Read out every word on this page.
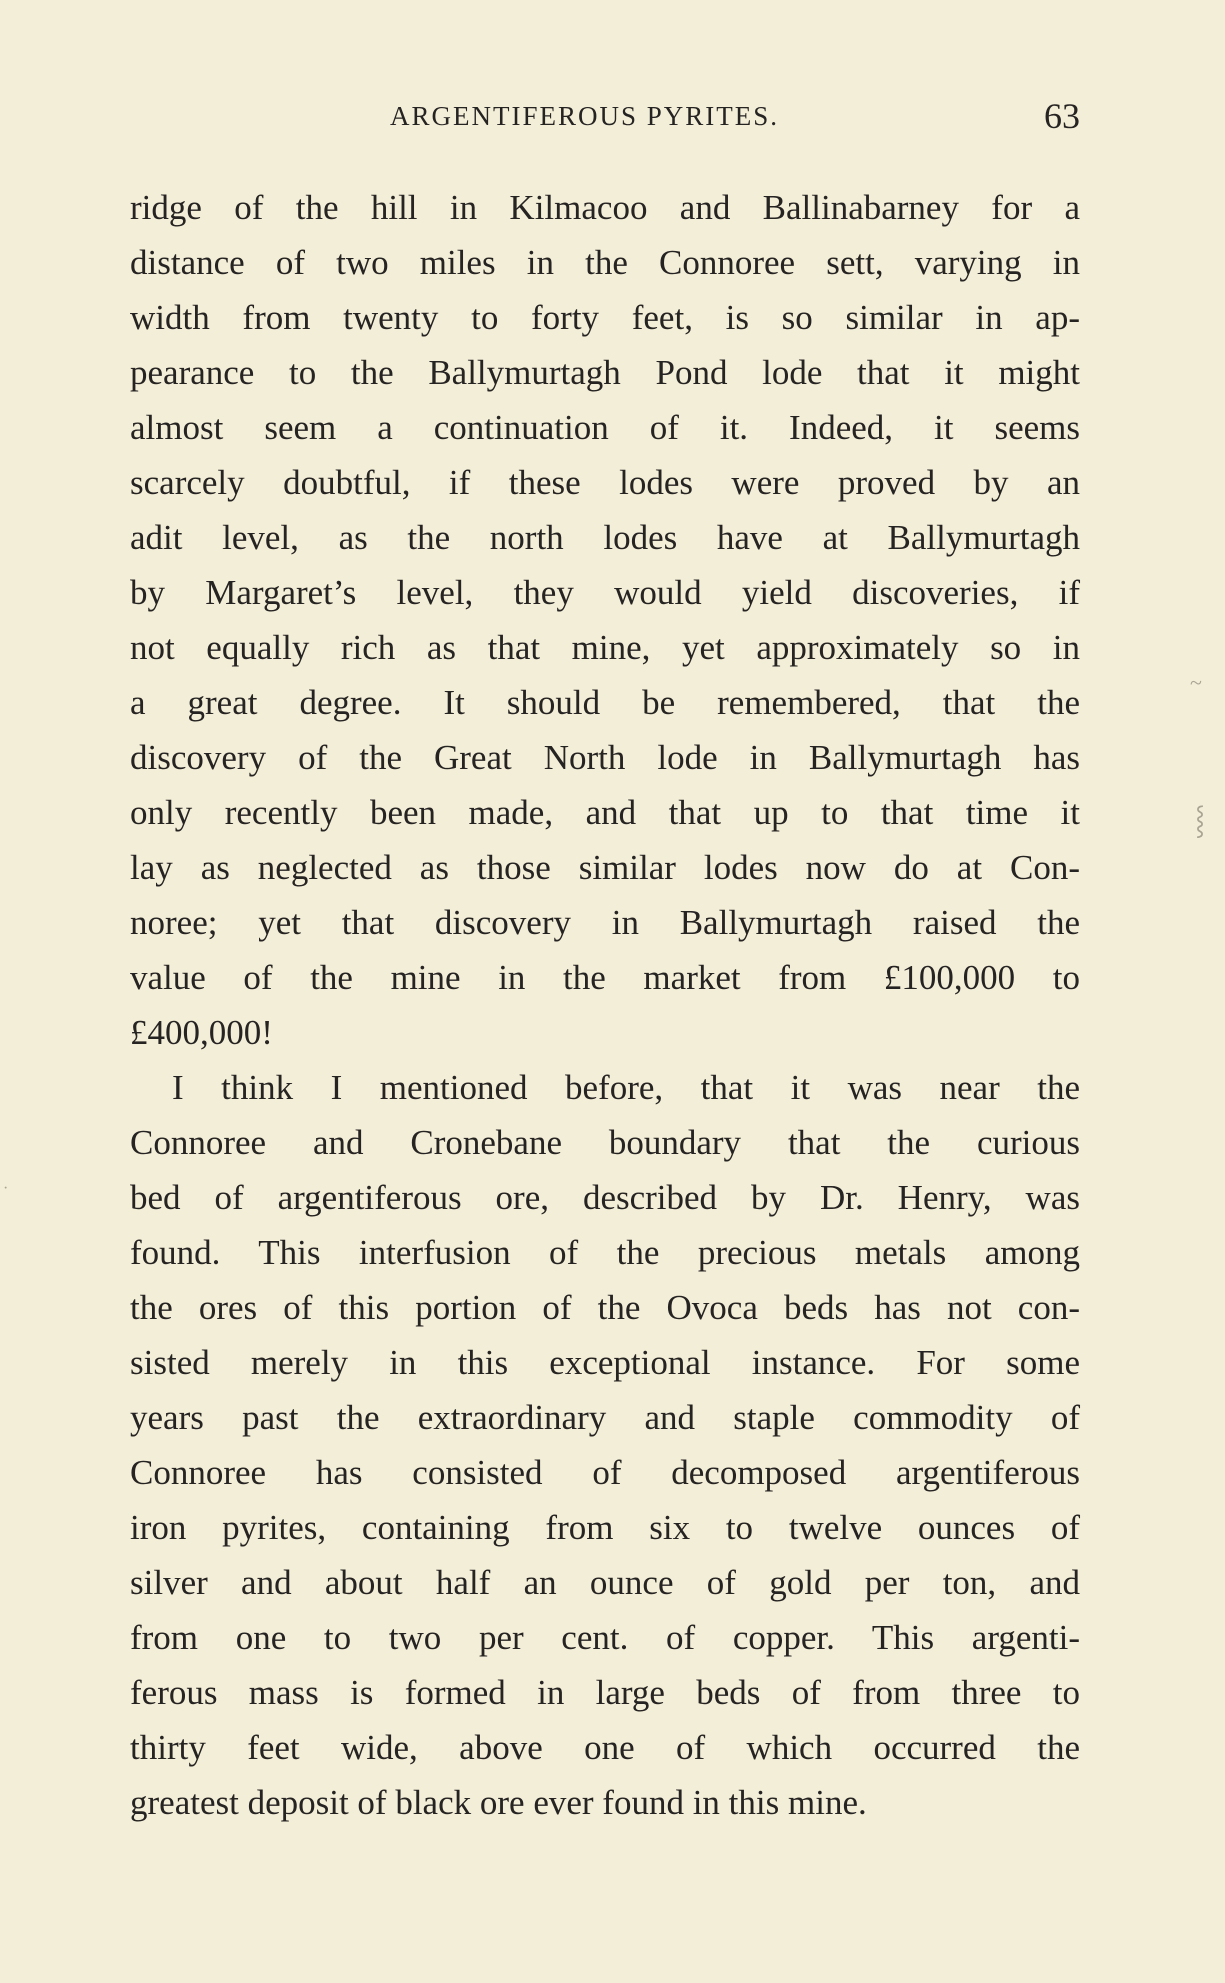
ARGENTIFEROUS PYRITES.	63
ridge of the hill in Kilmacoo and Ballinabarney for a
distance of two miles in the Connoree sett, varying in
width from twenty to forty feet, is so similar in ap-
pearance to the Ballymurtagh Pond lode that it might
almost seem a continuation of it. Indeed, it seems
scarcely doubtful, if these lodes were proved by an
adit level, as the north lodes have at Ballymurtagh
by Margaret’s level, they would yield discoveries, if
not equally rich as that mine, yet approximately so in
a great degree. It should be remembered, that the
discovery of the Great North lode in Ballymurtagh has
only recently been made, and that up to that time it
lay as neglected as those similar lodes now do at Con-
noree; yet that discovery in Ballymurtagh raised the
value of the mine in the market from £100,000 to
£400,000!
I think I mentioned before, that it was near the
Connoree and Cronebane boundary that the curious
bed of argentiferous ore, described by Dr. Henry, was
found. This interfusion of the precious metals among
the ores of this portion of the Ovoca beds has not con-
sisted merely in this exceptional instance. For some
years past the extraordinary and staple commodity of
Connoree has consisted of decomposed argentiferous
iron pyrites, containing from six to twelve ounces of
silver and about half an ounce of gold per ton, and
from one to two per cent. of copper. This argenti-
ferous mass is formed in large beds of from three to
thirty feet wide, above one of which occurred the
greatest deposit of black ore ever found in this mine.
~
⸾
·
